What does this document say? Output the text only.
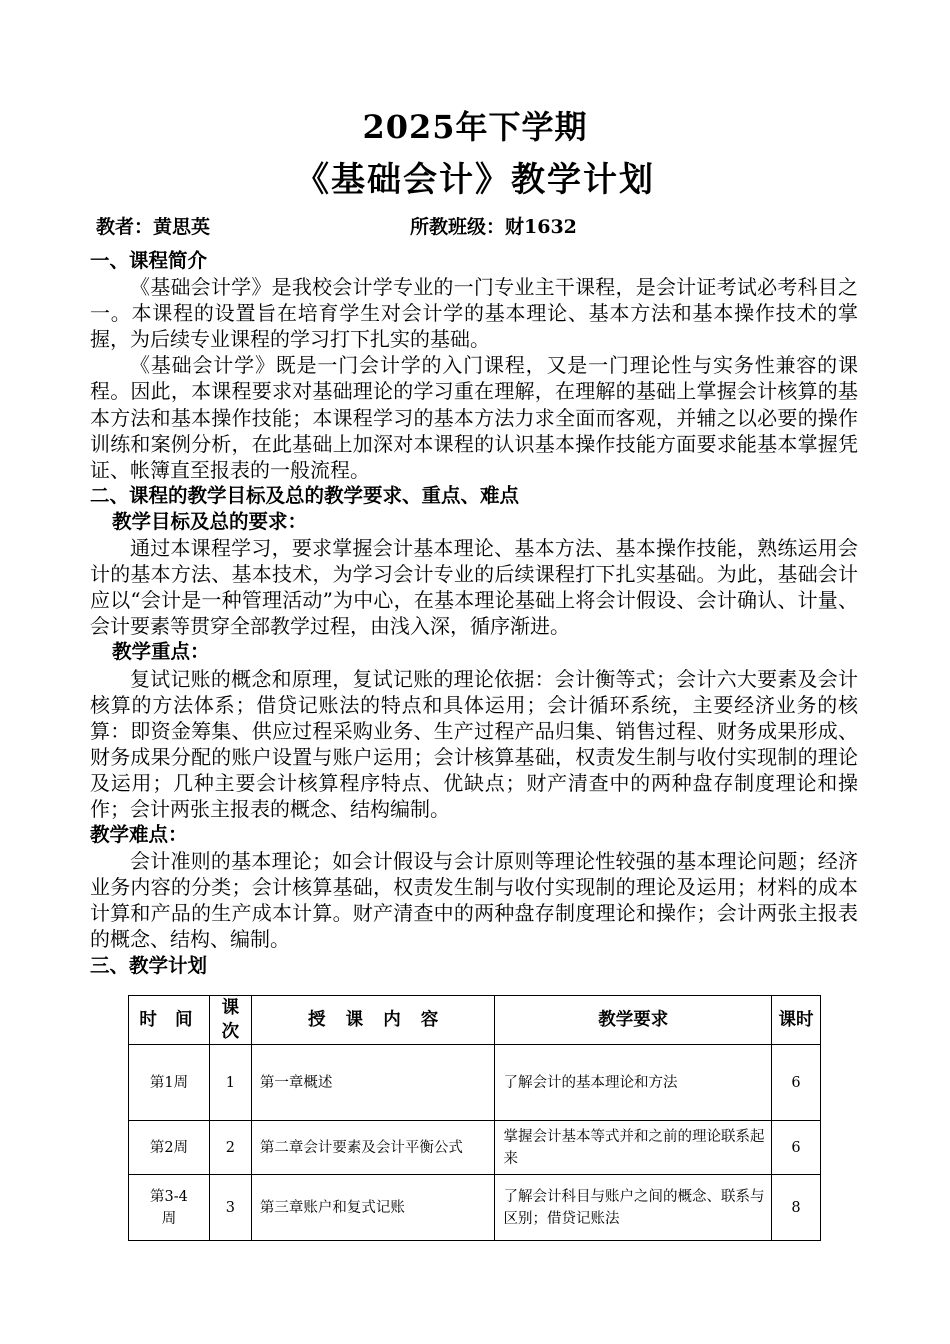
2025年下学期
《基础会计》教学计划
教者：黄思英	所教班级：财1632
一、课程简介
《基础会计学》是我校会计学专业的一门专业主干课程，是会计证考试必考科目之一。本课程的设置旨在培育学生对会计学的基本理论、基本方法和基本操作技术的掌握，为后续专业课程的学习打下扎实的基础。
《基础会计学》既是一门会计学的入门课程，又是一门理论性与实务性兼容的课程。因此，本课程要求对基础理论的学习重在理解，在理解的基础上掌握会计核算的基本方法和基本操作技能；本课程学习的基本方法力求全面而客观，并辅之以必要的操作训练和案例分析，在此基础上加深对本课程的认识基本操作技能方面要求能基本掌握凭证、帐簿直至报表的一般流程。
二、课程的教学目标及总的教学要求、重点、难点
教学目标及总的要求：
通过本课程学习，要求掌握会计基本理论、基本方法、基本操作技能，熟练运用会计的基本方法、基本技术，为学习会计专业的后续课程打下扎实基础。为此，基础会计应以“会计是一种管理活动”为中心，在基本理论基础上将会计假设、会计确认、计量、会计要素等贯穿全部教学过程，由浅入深，循序渐进。
教学重点：
复试记账的概念和原理，复试记账的理论依据：会计衡等式；会计六大要素及会计核算的方法体系；借贷记账法的特点和具体运用；会计循环系统，主要经济业务的核算：即资金筹集、供应过程采购业务、生产过程产品归集、销售过程、财务成果形成、财务成果分配的账户设置与账户运用；会计核算基础，权责发生制与收付实现制的理论及运用；几种主要会计核算程序特点、优缺点；财产清查中的两种盘存制度理论和操作；会计两张主报表的概念、结构编制。
教学难点：
会计准则的基本理论；如会计假设与会计原则等理论性较强的基本理论问题；经济业务内容的分类；会计核算基础，权责发生制与收付实现制的理论及运用；材料的成本计算和产品的生产成本计算。财产清查中的两种盘存制度理论和操作；会计两张主报表的概念、结构、编制。
三、教学计划
时 间	课次	授 课 内 容	教学要求	课时
第1周	1	第一章概述	了解会计的基本理论和方法	6
第2周	2	第二章会计要素及会计平衡公式	掌握会计基本等式并和之前的理论联系起来	6
第3-4周	3	第三章账户和复式记账	了解会计科目与账户之间的概念、联系与区别；借贷记账法	8
